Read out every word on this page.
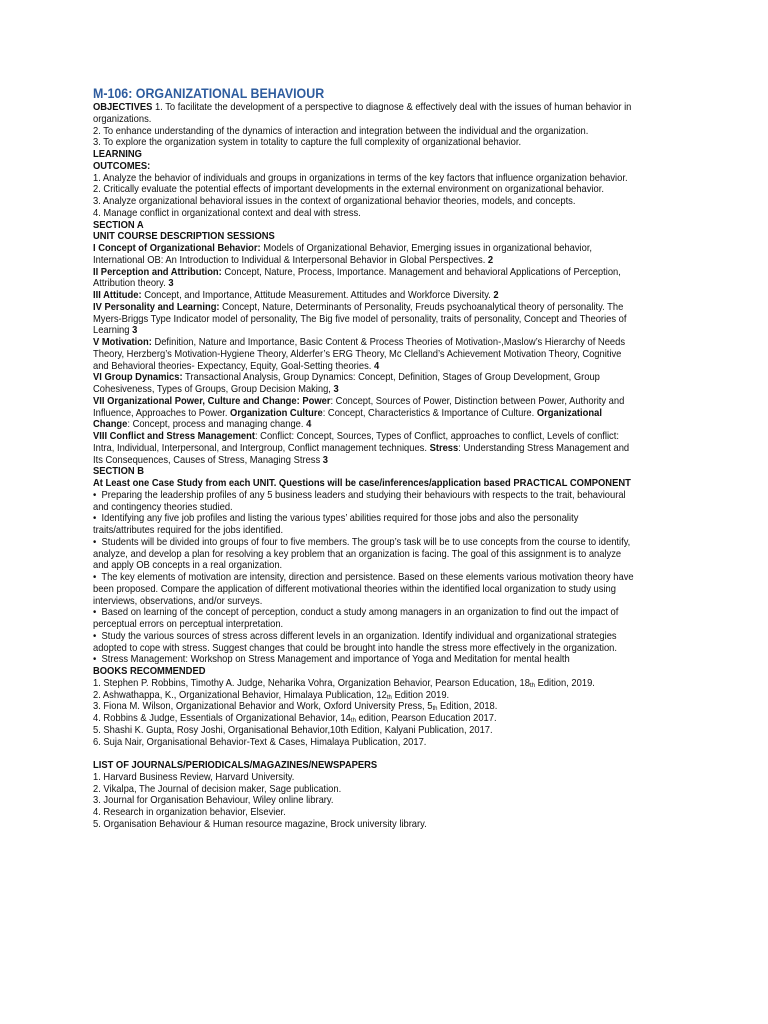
M-106: ORGANIZATIONAL BEHAVIOUR

OBJECTIVES 1. To facilitate the development of a perspective to diagnose & effectively deal with the issues of human behavior in organizations.

2. To enhance understanding of the dynamics of interaction and integration between the individual and the organization.

3. To explore the organization system in totality to capture the full complexity of organizational behavior.

LEARNING

OUTCOMES:

1. Analyze the behavior of individuals and groups in organizations in terms of the key factors that influence organization behavior.

2. Critically evaluate the potential effects of important developments in the external environment on organizational behavior.

3. Analyze organizational behavioral issues in the context of organizational behavior theories, models, and concepts.

4. Manage conflict in organizational context and deal with stress.

SECTION A

UNIT COURSE DESCRIPTION SESSIONS

I Concept of Organizational Behavior: Models of Organizational Behavior, Emerging issues in organizational behavior, International OB: An Introduction to Individual & Interpersonal Behavior in Global Perspectives. 2

II Perception and Attribution: Concept, Nature, Process, Importance. Management and behavioral Applications of Perception, Attribution theory. 3

III Attitude: Concept, and Importance, Attitude Measurement. Attitudes and Workforce Diversity. 2

IV Personality and Learning: Concept, Nature, Determinants of Personality, Freuds psychoanalytical theory of personality. The Myers-Briggs Type Indicator model of personality, The Big five model of personality, traits of personality, Concept and Theories of Learning 3

V Motivation: Definition, Nature and Importance, Basic Content & Process Theories of Motivation-,Maslow’s Hierarchy of Needs Theory, Herzberg’s Motivation-Hygiene Theory, Alderfer’s ERG Theory, Mc Clelland’s Achievement Motivation Theory, Cognitive and Behavioral theories- Expectancy, Equity, Goal-Setting theories. 4

VI Group Dynamics: Transactional Analysis, Group Dynamics: Concept, Definition, Stages of Group Development, Group Cohesiveness, Types of Groups, Group Decision Making, 3

VII Organizational Power, Culture and Change: Power: Concept, Sources of Power, Distinction between Power, Authority and Influence, Approaches to Power. Organization Culture: Concept, Characteristics & Importance of Culture. Organizational Change: Concept, process and managing change. 4

VIII Conflict and Stress Management: Conflict: Concept, Sources, Types of Conflict, approaches to conflict, Levels of conflict: Intra, Individual, Interpersonal, and Intergroup, Conflict management techniques. Stress: Understanding Stress Management and Its Consequences, Causes of Stress, Managing Stress 3

SECTION B

At Least one Case Study from each UNIT. Questions will be case/inferences/application based PRACTICAL COMPONENT

• Preparing the leadership profiles of any 5 business leaders and studying their behaviours with respects to the trait, behavioural and contingency theories studied.

• Identifying any five job profiles and listing the various types’ abilities required for those jobs and also the personality traits/attributes required for the jobs identified.

• Students will be divided into groups of four to five members. The group’s task will be to use concepts from the course to identify, analyze, and develop a plan for resolving a key problem that an organization is facing. The goal of this assignment is to analyze and apply OB concepts in a real organization.

• The key elements of motivation are intensity, direction and persistence. Based on these elements various motivation theory have been proposed. Compare the application of different motivational theories within the identified local organization to study using interviews, observations, and/or surveys.

• Based on learning of the concept of perception, conduct a study among managers in an organization to find out the impact of perceptual errors on perceptual interpretation.

• Study the various sources of stress across different levels in an organization. Identify individual and organizational strategies adopted to cope with stress. Suggest changes that could be brought into handle the stress more effectively in the organization.

• Stress Management: Workshop on Stress Management and importance of Yoga and Meditation for mental health

BOOKS RECOMMENDED

1. Stephen P. Robbins, Timothy A. Judge, Neharika Vohra, Organization Behavior, Pearson Education, $18_{th}$ Edition, 2019.

2. Ashwathappa, K., Organizational Behavior, Himalaya Publication, $12_{th}$ Edition 2019.

3. Fiona M. Wilson, Organizational Behavior and Work, Oxford University Press, $5_{th}$ Edition, 2018.

4. Robbins & Judge, Essentials of Organizational Behavior, $14_{th}$ edition, Pearson Education 2017.

5. Shashi K. Gupta, Rosy Joshi, Organisational Behavior,10th Edition, Kalyani Publication, 2017.

6. Suja Nair, Organisational Behavior-Text & Cases, Himalaya Publication, 2017.

LIST OF JOURNALS/PERIODICALS/MAGAZINES/NEWSPAPERS

1. Harvard Business Review, Harvard University.

2. Vikalpa, The Journal of decision maker, Sage publication.

3. Journal for Organisation Behaviour, Wiley online library.

4. Research in organization behavior, Elsevier.

5. Organisation Behaviour & Human resource magazine, Brock university library.
